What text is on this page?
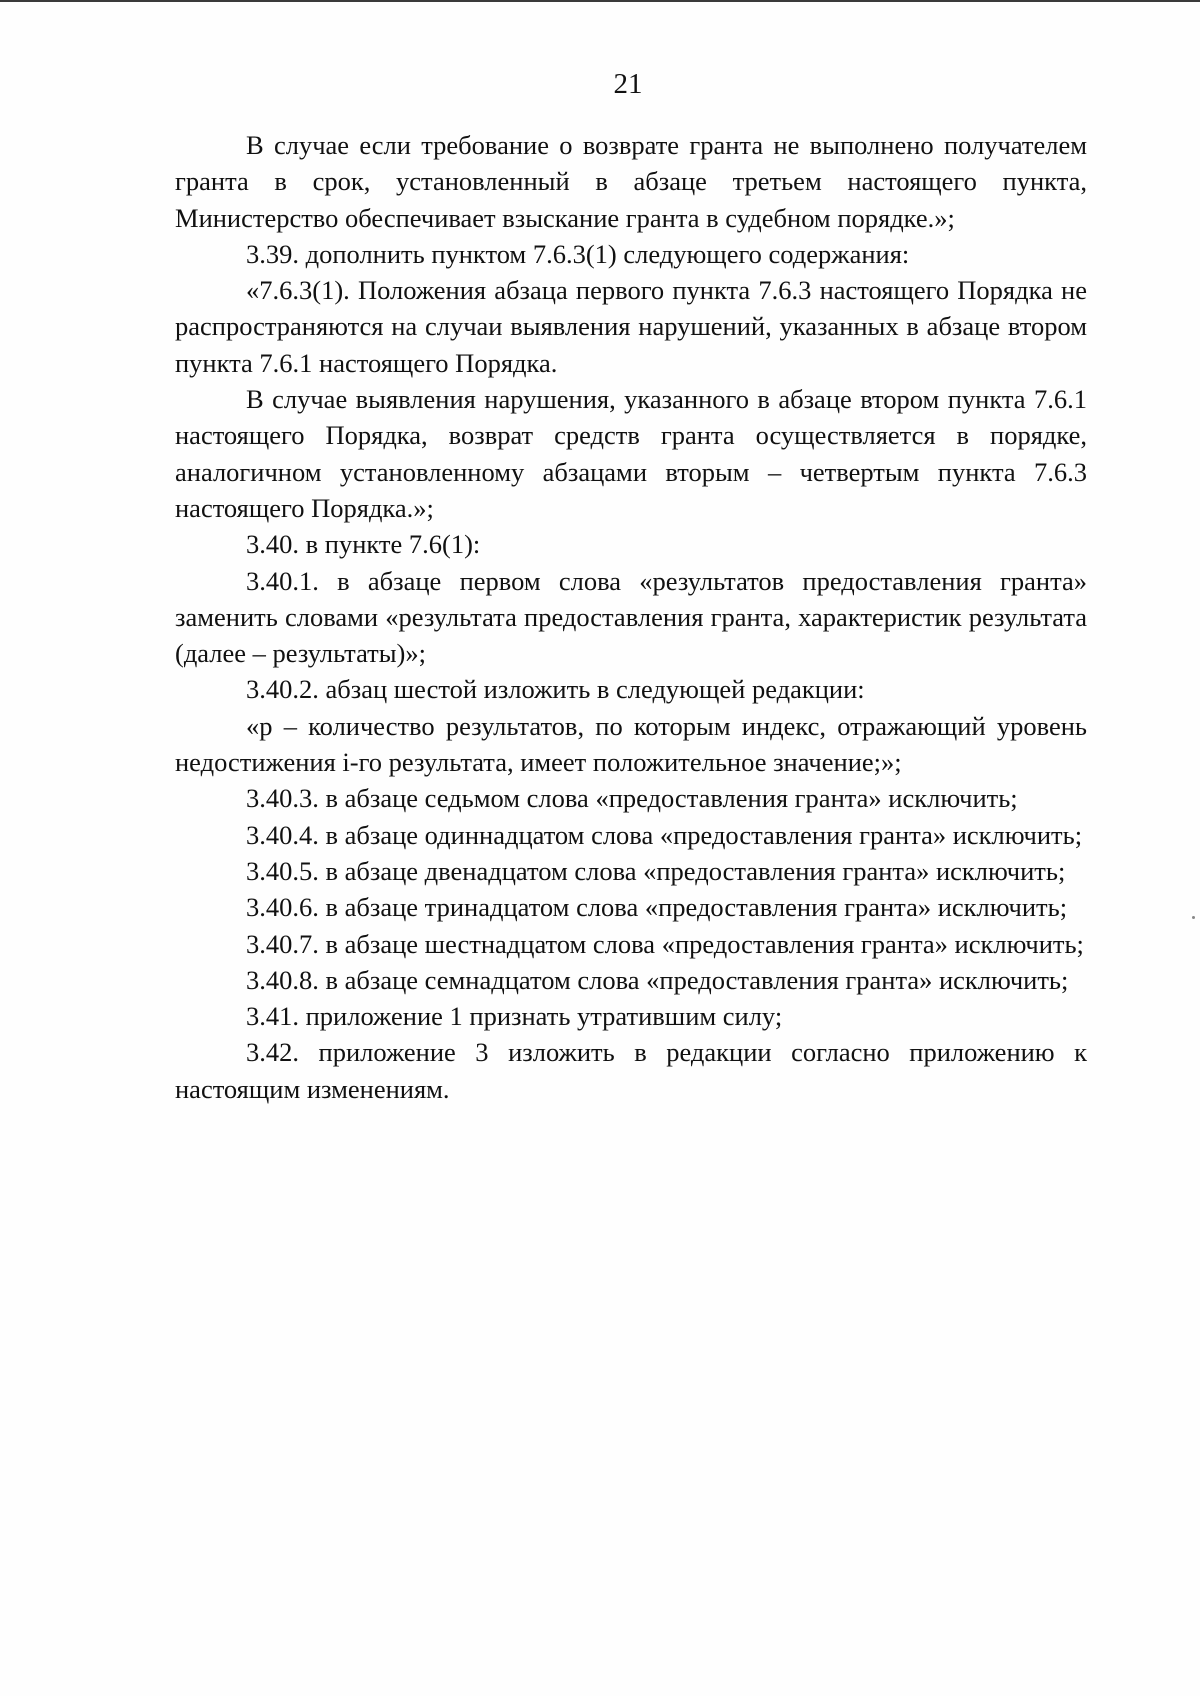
21

В случае если требование о возврате гранта не выполнено получателем гранта в срок, установленный в абзаце третьем настоящего пункта, Министерство обеспечивает взыскание гранта в судебном порядке.»;

3.39. дополнить пунктом 7.6.3(1) следующего содержания:

«7.6.3(1). Положения абзаца первого пункта 7.6.3 настоящего Порядка не распространяются на случаи выявления нарушений, указанных в абзаце втором пункта 7.6.1 настоящего Порядка.

В случае выявления нарушения, указанного в абзаце втором пункта 7.6.1 настоящего Порядка, возврат средств гранта осуществляется в порядке, аналогичном установленному абзацами вторым – четвертым пункта 7.6.3 настоящего Порядка.»;

3.40. в пункте 7.6(1):

3.40.1. в абзаце первом слова «результатов предоставления гранта» заменить словами «результата предоставления гранта, характеристик результата (далее – результаты)»;

3.40.2. абзац шестой изложить в следующей редакции:

«р – количество результатов, по которым индекс, отражающий уровень недостижения i-го результата, имеет положительное значение;»;

3.40.3. в абзаце седьмом слова «предоставления гранта» исключить;

3.40.4. в абзаце одиннадцатом слова «предоставления гранта» исключить;

3.40.5. в абзаце двенадцатом слова «предоставления гранта» исключить;

3.40.6. в абзаце тринадцатом слова «предоставления гранта» исключить;

3.40.7. в абзаце шестнадцатом слова «предоставления гранта» исключить;

3.40.8. в абзаце семнадцатом слова «предоставления гранта» исключить;

3.41. приложение 1 признать утратившим силу;

3.42. приложение 3 изложить в редакции согласно приложению к настоящим изменениям.
